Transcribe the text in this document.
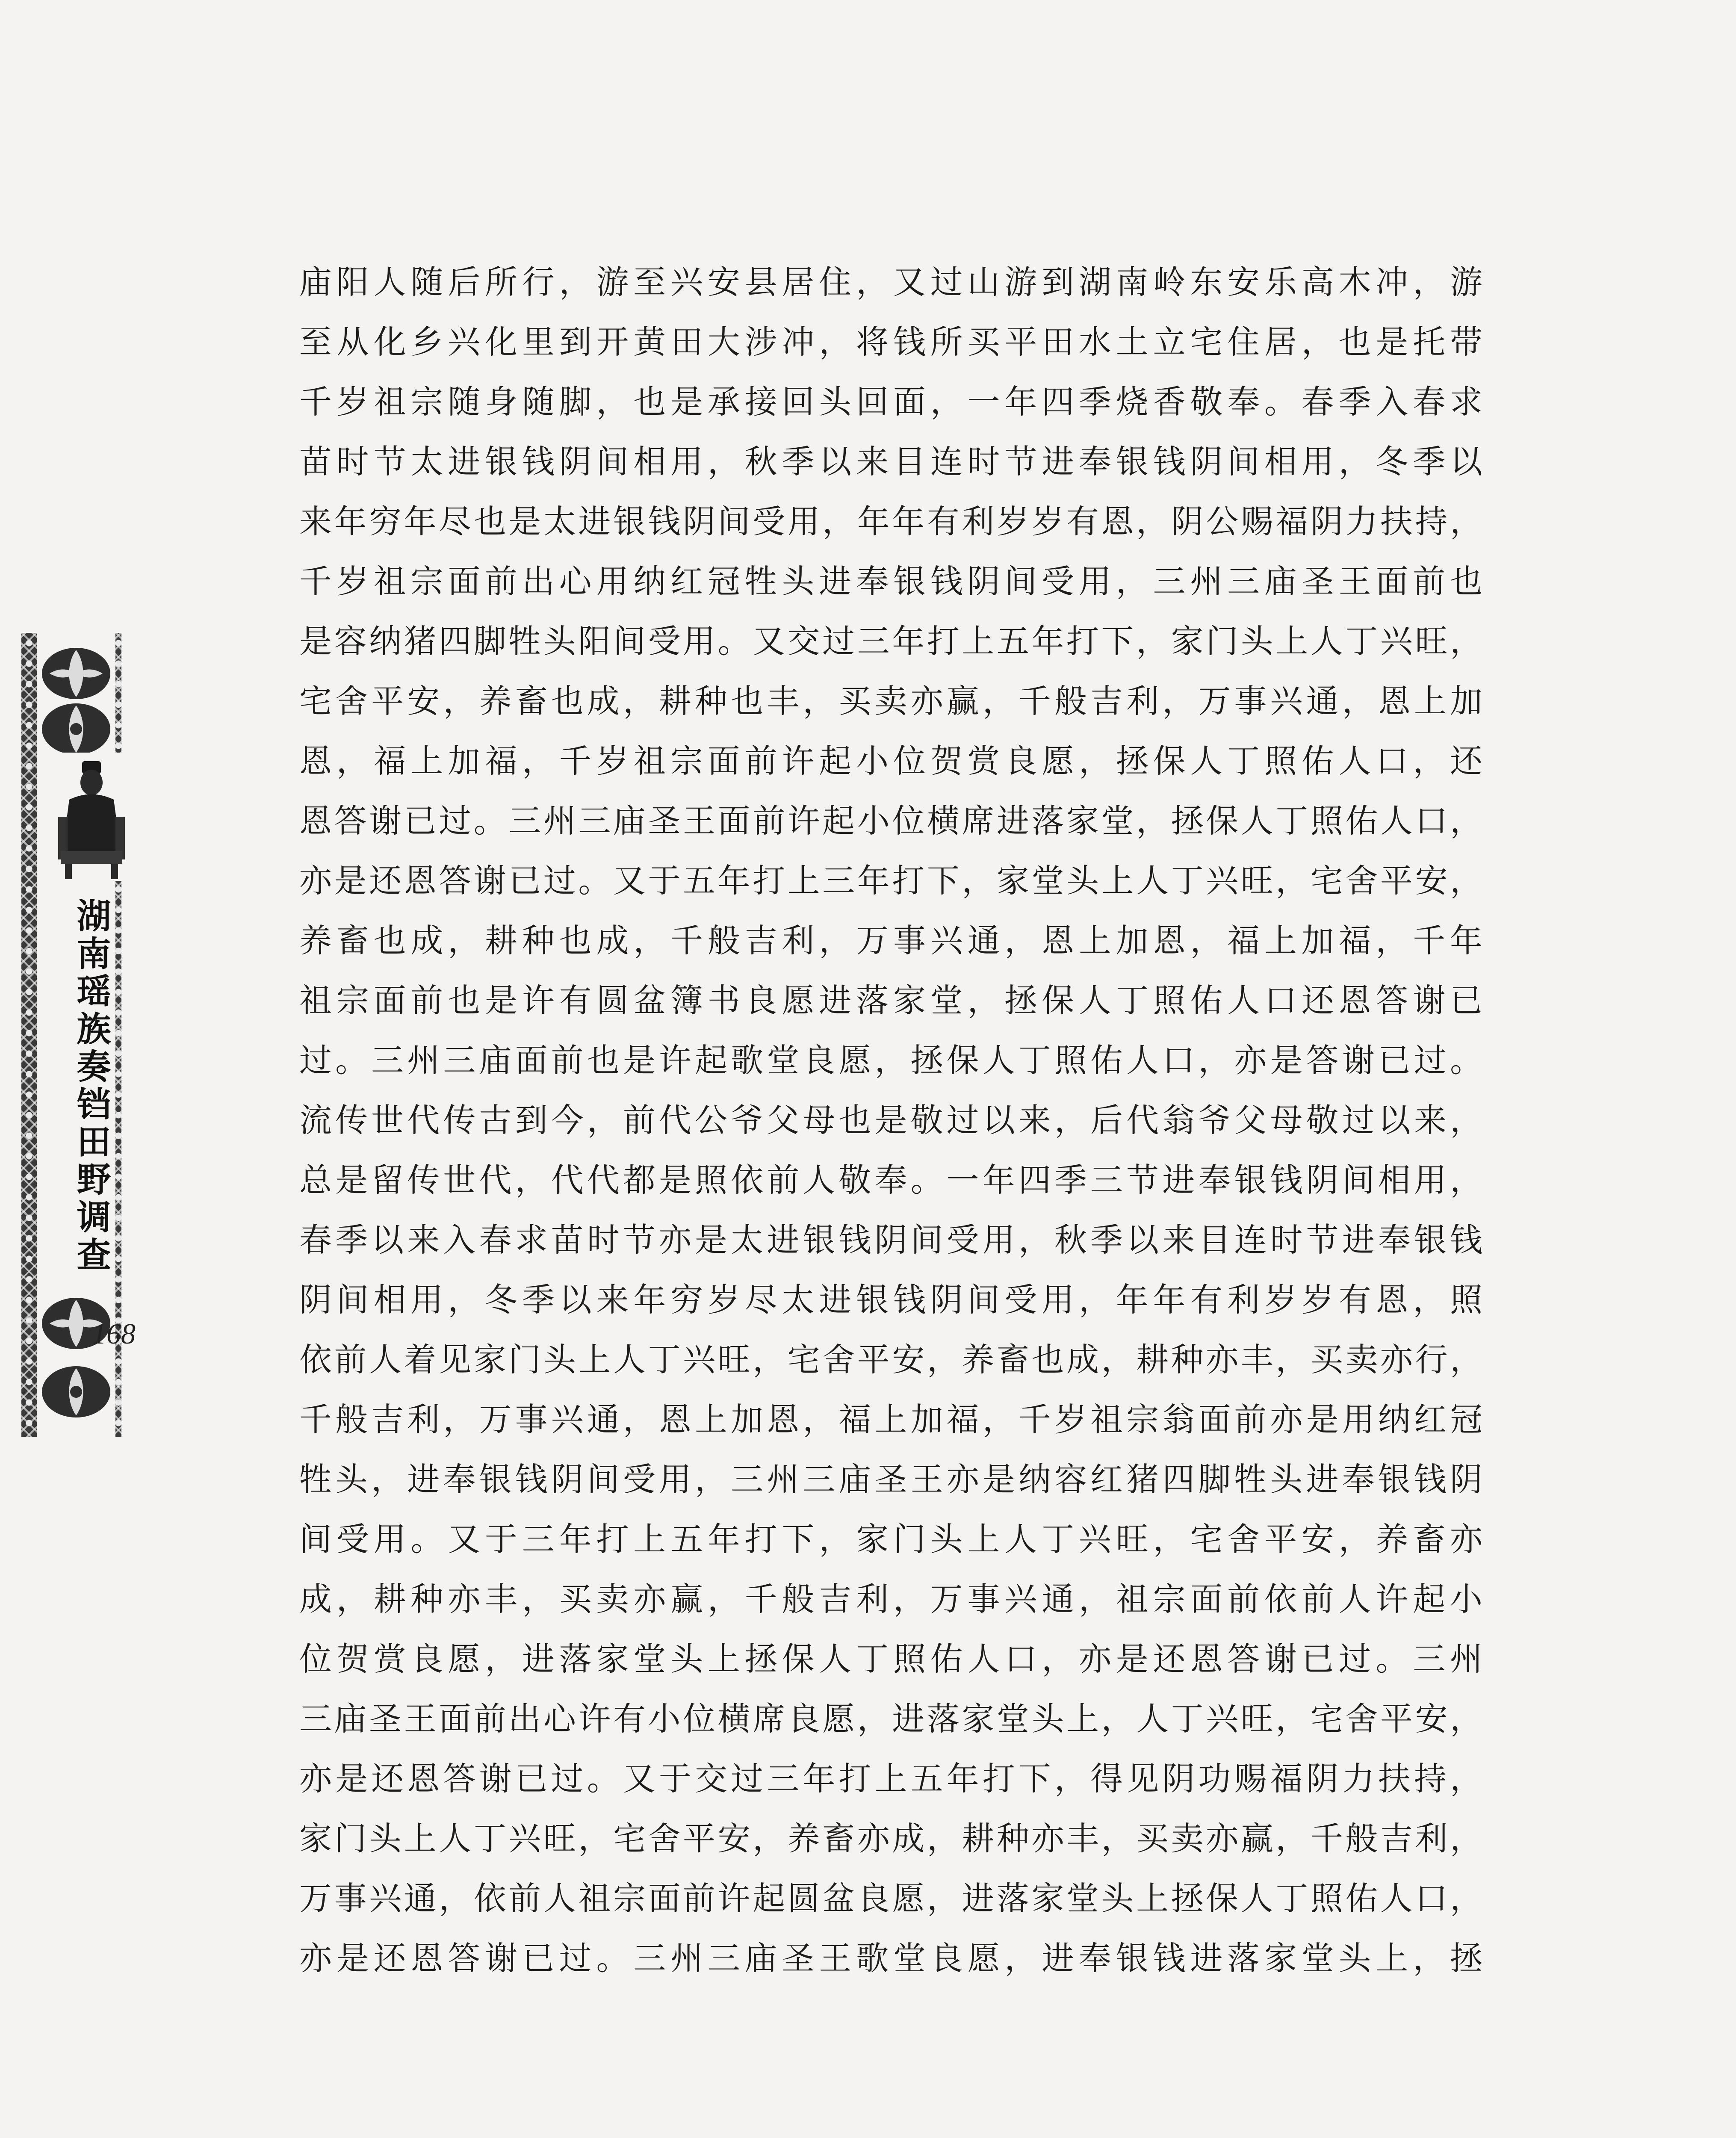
湖南瑶族奏铛田野调查
168
庙阳人随后所行，游至兴安县居住，又过山游到湖南岭东安乐高木冲，游
至从化乡兴化里到开黄田大涉冲，将钱所买平田水土立宅住居，也是托带
千岁祖宗随身随脚，也是承接回头回面，一年四季烧香敬奉。春季入春求
苗时节太进银钱阴间相用，秋季以来目连时节进奉银钱阴间相用，冬季以
来年穷年尽也是太进银钱阴间受用，年年有利岁岁有恩，阴公赐福阴力扶持，
千岁祖宗面前出心用纳红冠牲头进奉银钱阴间受用，三州三庙圣王面前也
是容纳猪四脚牲头阳间受用。又交过三年打上五年打下，家门头上人丁兴旺，
宅舍平安，养畜也成，耕种也丰，买卖亦赢，千般吉利，万事兴通，恩上加
恩，福上加福，千岁祖宗面前许起小位贺赏良愿，拯保人丁照佑人口，还
恩答谢已过。三州三庙圣王面前许起小位横席进落家堂，拯保人丁照佑人口，
亦是还恩答谢已过。又于五年打上三年打下，家堂头上人丁兴旺，宅舍平安，
养畜也成，耕种也成，千般吉利，万事兴通，恩上加恩，福上加福，千年
祖宗面前也是许有圆盆簿书良愿进落家堂，拯保人丁照佑人口还恩答谢已
过。三州三庙面前也是许起歌堂良愿，拯保人丁照佑人口，亦是答谢已过。
流传世代传古到今，前代公爷父母也是敬过以来，后代翁爷父母敬过以来，
总是留传世代，代代都是照依前人敬奉。一年四季三节进奉银钱阴间相用，
春季以来入春求苗时节亦是太进银钱阴间受用，秋季以来目连时节进奉银钱
阴间相用，冬季以来年穷岁尽太进银钱阴间受用，年年有利岁岁有恩，照
依前人着见家门头上人丁兴旺，宅舍平安，养畜也成，耕种亦丰，买卖亦行，
千般吉利，万事兴通，恩上加恩，福上加福，千岁祖宗翁面前亦是用纳红冠
牲头，进奉银钱阴间受用，三州三庙圣王亦是纳容红猪四脚牲头进奉银钱阴
间受用。又于三年打上五年打下，家门头上人丁兴旺，宅舍平安，养畜亦
成，耕种亦丰，买卖亦赢，千般吉利，万事兴通，祖宗面前依前人许起小
位贺赏良愿，进落家堂头上拯保人丁照佑人口，亦是还恩答谢已过。三州
三庙圣王面前出心许有小位横席良愿，进落家堂头上，人丁兴旺，宅舍平安，
亦是还恩答谢已过。又于交过三年打上五年打下，得见阴功赐福阴力扶持，
家门头上人丁兴旺，宅舍平安，养畜亦成，耕种亦丰，买卖亦赢，千般吉利，
万事兴通，依前人祖宗面前许起圆盆良愿，进落家堂头上拯保人丁照佑人口，
亦是还恩答谢已过。三州三庙圣王歌堂良愿，进奉银钱进落家堂头上，拯
